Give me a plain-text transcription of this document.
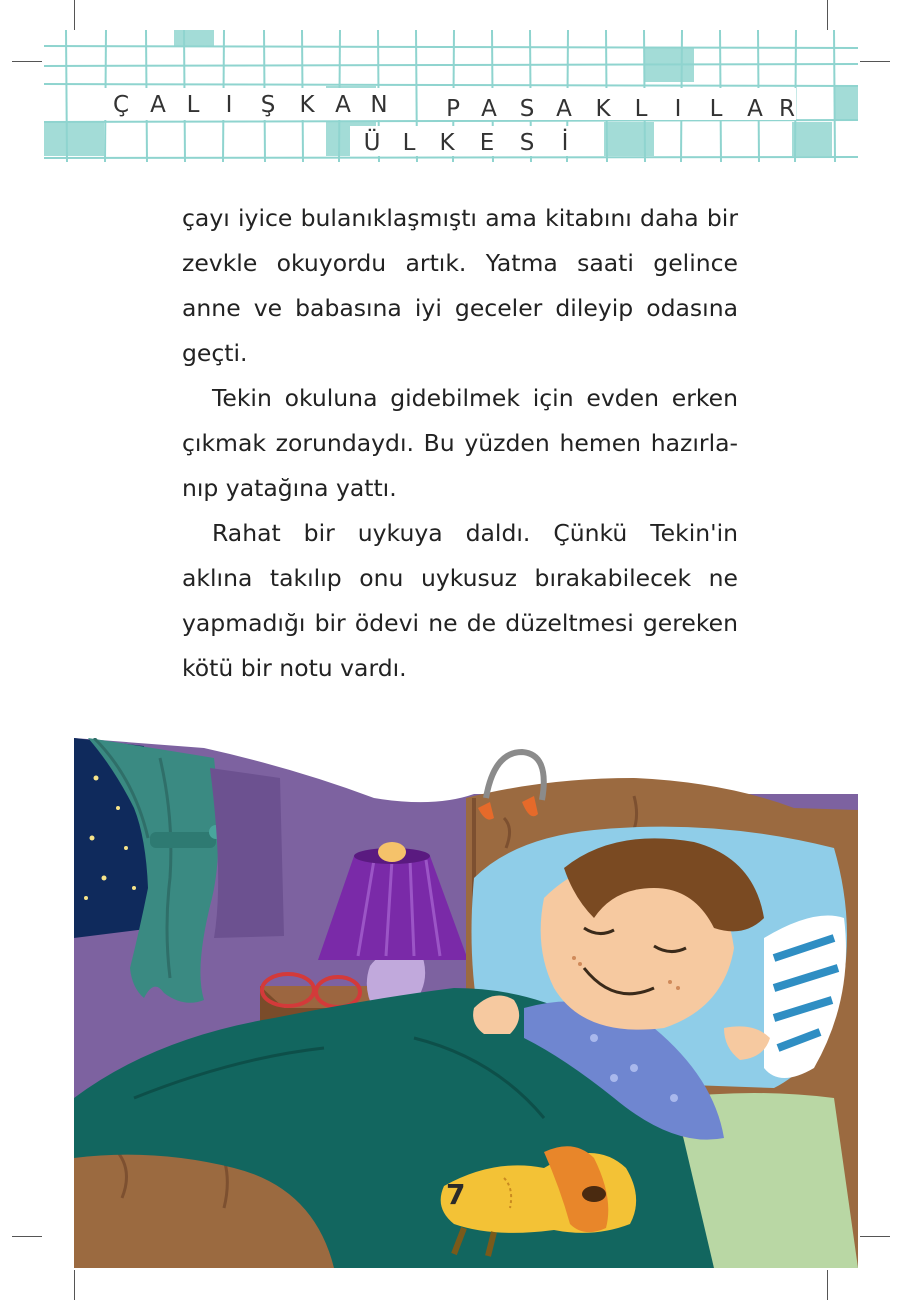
Ç A L	I	Ş	K A N	P A S A	K	L	I	L	A R
Ü L	K	E	S	İ

çayı iyice bulanıklaşmıştı ama kitabını daha bir zevkle okuyordu artık. Yatma saati gelince anne ve babasına iyi geceler dileyip odasına geçti.

Tekin okuluna gidebilmek için evden erken çıkmak zorundaydı. Bu yüzden hemen hazırla-nıp yatağına yattı.

Rahat bir uykuya daldı. Çünkü Tekin'in aklına takılıp onu uykusuz bırakabilecek ne yapmadığı bir ödevi ne de düzeltmesi gereken kötü bir notu vardı.

7
